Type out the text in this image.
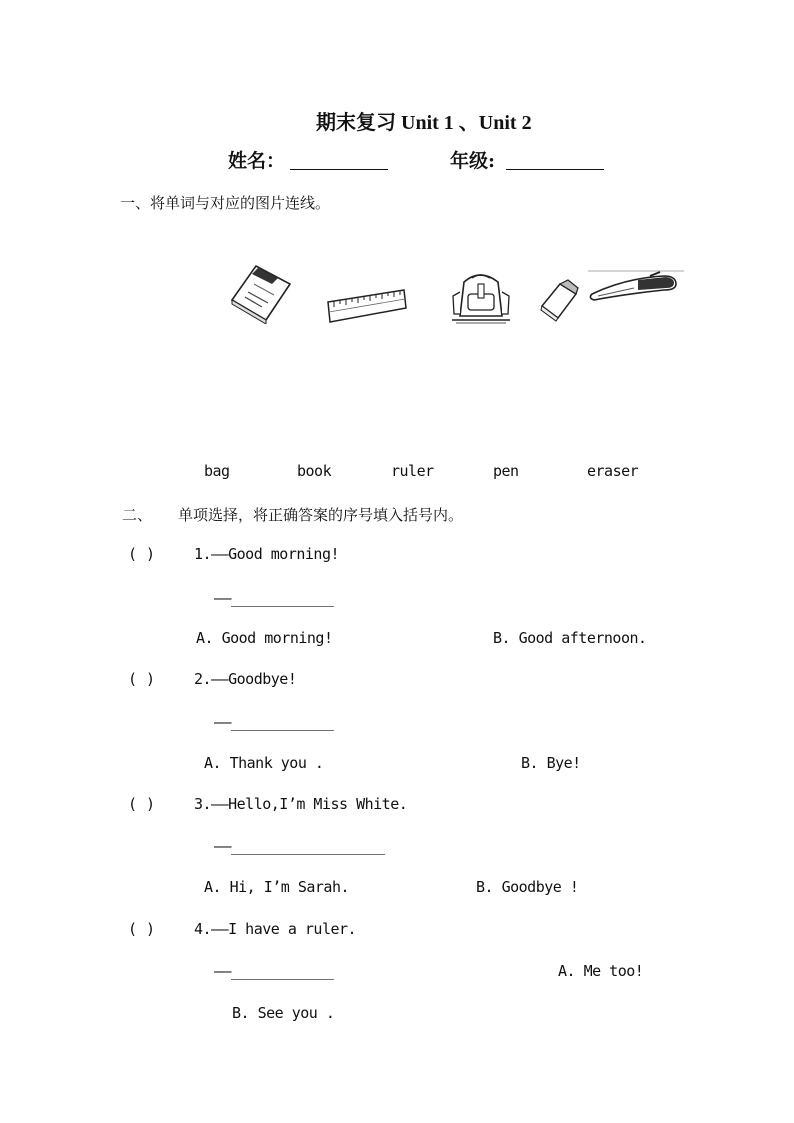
期末复习 Unit 1 、Unit 2
姓名：	年级:
一、将单词与对应的图片连线。
bag	book	ruler	pen	eraser
二、 单项选择，将正确答案的序号填入括号内。
( )	1.——Good morning!
——____________
A. Good morning!	B. Good afternoon.
( )	2.——Goodbye!
——____________
A. Thank you .	B. Bye!
( )	3.——Hello,I’m Miss White.
——__________________
A. Hi, I’m Sarah.	B. Goodbye !
( )	4.——I have a ruler.
——____________	A. Me too!
B. See you .
